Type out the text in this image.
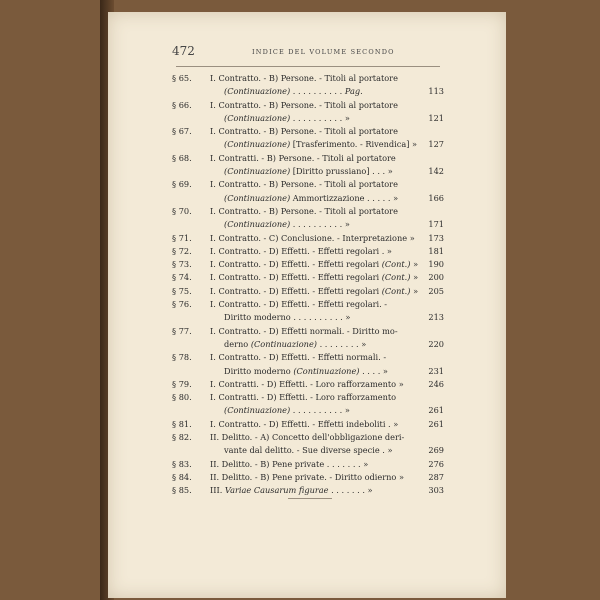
472	INDICE DEL VOLUME SECONDO
§ 65.	I. Contratto. - B) Persone. - Titoli al portatore
(Continuazione) . . . . . . . . . . Pag.	113
§ 66.	I. Contratto. - B) Persone. - Titoli al portatore
(Continuazione) . . . . . . . . . . »	121
§ 67.	I. Contratto. - B) Persone. - Titoli al portatore
(Continuazione) [Trasferimento. - Rivendica] »	127
§ 68.	I. Contratti. - B) Persone. - Titoli al portatore
(Continuazione) [Diritto prussiano] . . . »	142
§ 69.	I. Contratto. - B) Persone. - Titoli al portatore
(Continuazione) Ammortizzazione . . . . . »	166
§ 70.	I. Contratto. - B) Persone. - Titoli al portatore
(Continuazione) . . . . . . . . . . »	171
§ 71.	I. Contratto. - C) Conclusione. - Interpretazione »	173
§ 72.	I. Contratto. - D) Effetti. - Effetti regolari . »	181
§ 73.	I. Contratto. - D) Effetti. - Effetti regolari (Cont.) »	190
§ 74.	I. Contratto. - D) Effetti. - Effetti regolari (Cont.) »	200
§ 75.	I. Contratto. - D) Effetti. - Effetti regolari (Cont.) »	205
§ 76.	I. Contratto. - D) Effetti. - Effetti regolari. -
Diritto moderno . . . . . . . . . . »	213
§ 77.	I. Contratto. - D) Effetti normali. - Diritto mo-
derno (Continuazione) . . . . . . . . »	220
§ 78.	I. Contratto. - D) Effetti. - Effetti normali. -
Diritto moderno (Continuazione) . . . . »	231
§ 79.	I. Contratti. - D) Effetti. - Loro rafforzamento »	246
§ 80.	I. Contratti. - D) Effetti. - Loro rafforzamento
(Continuazione) . . . . . . . . . . »	261
§ 81.	I. Contratto. - D) Effetti. - Effetti indeboliti . »	261
§ 82.	II. Delitto. - A) Concetto dell'obbligazione deri-
vante dal delitto. - Sue diverse specie . »	269
§ 83.	II. Delitto. - B) Pene private . . . . . . . »	276
§ 84.	II. Delitto. - B) Pene private. - Diritto odierno »	287
§ 85.	III. Variae Causarum figurae . . . . . . . »	303
